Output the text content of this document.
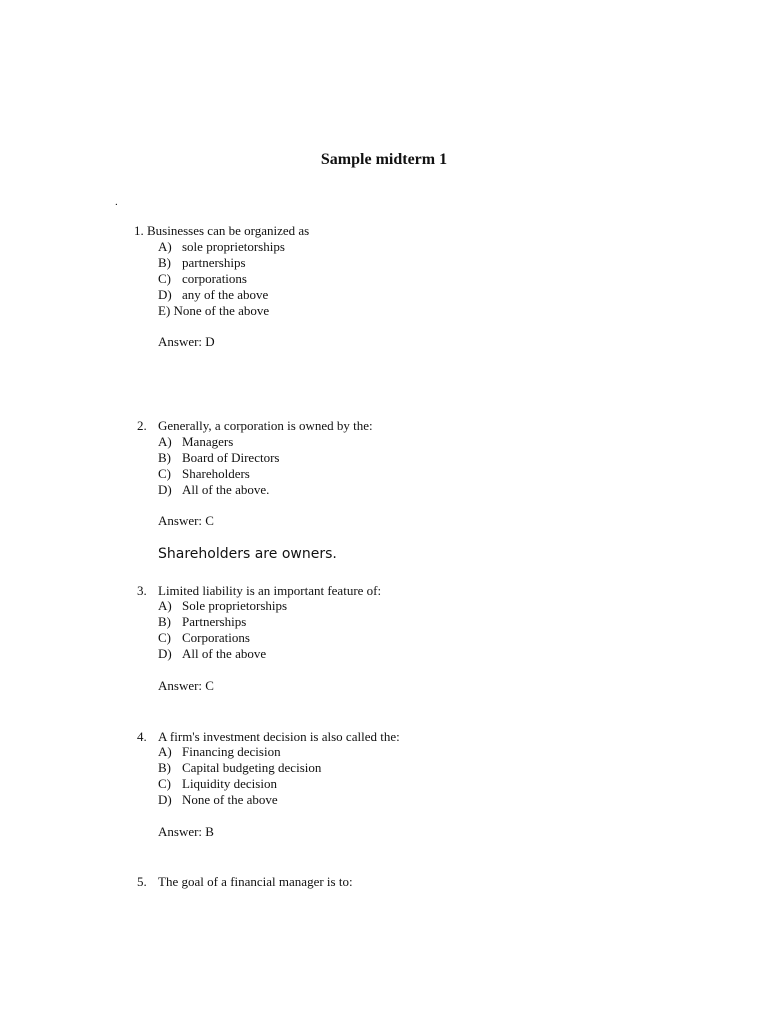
Sample midterm 1
.
1. Businesses can be organized as
A) sole proprietorships
B) partnerships
C) corporations
D) any of the above
E) None of the above
Answer: D
2. Generally, a corporation is owned by the:
A) Managers
B) Board of Directors
C) Shareholders
D) All of the above.
Answer: C
Shareholders are owners.
3. Limited liability is an important feature of:
A) Sole proprietorships
B) Partnerships
C) Corporations
D) All of the above
Answer: C
4. A firm's investment decision is also called the:
A) Financing decision
B) Capital budgeting decision
C) Liquidity decision
D) None of the above
Answer: B
5. The goal of a financial manager is to:
